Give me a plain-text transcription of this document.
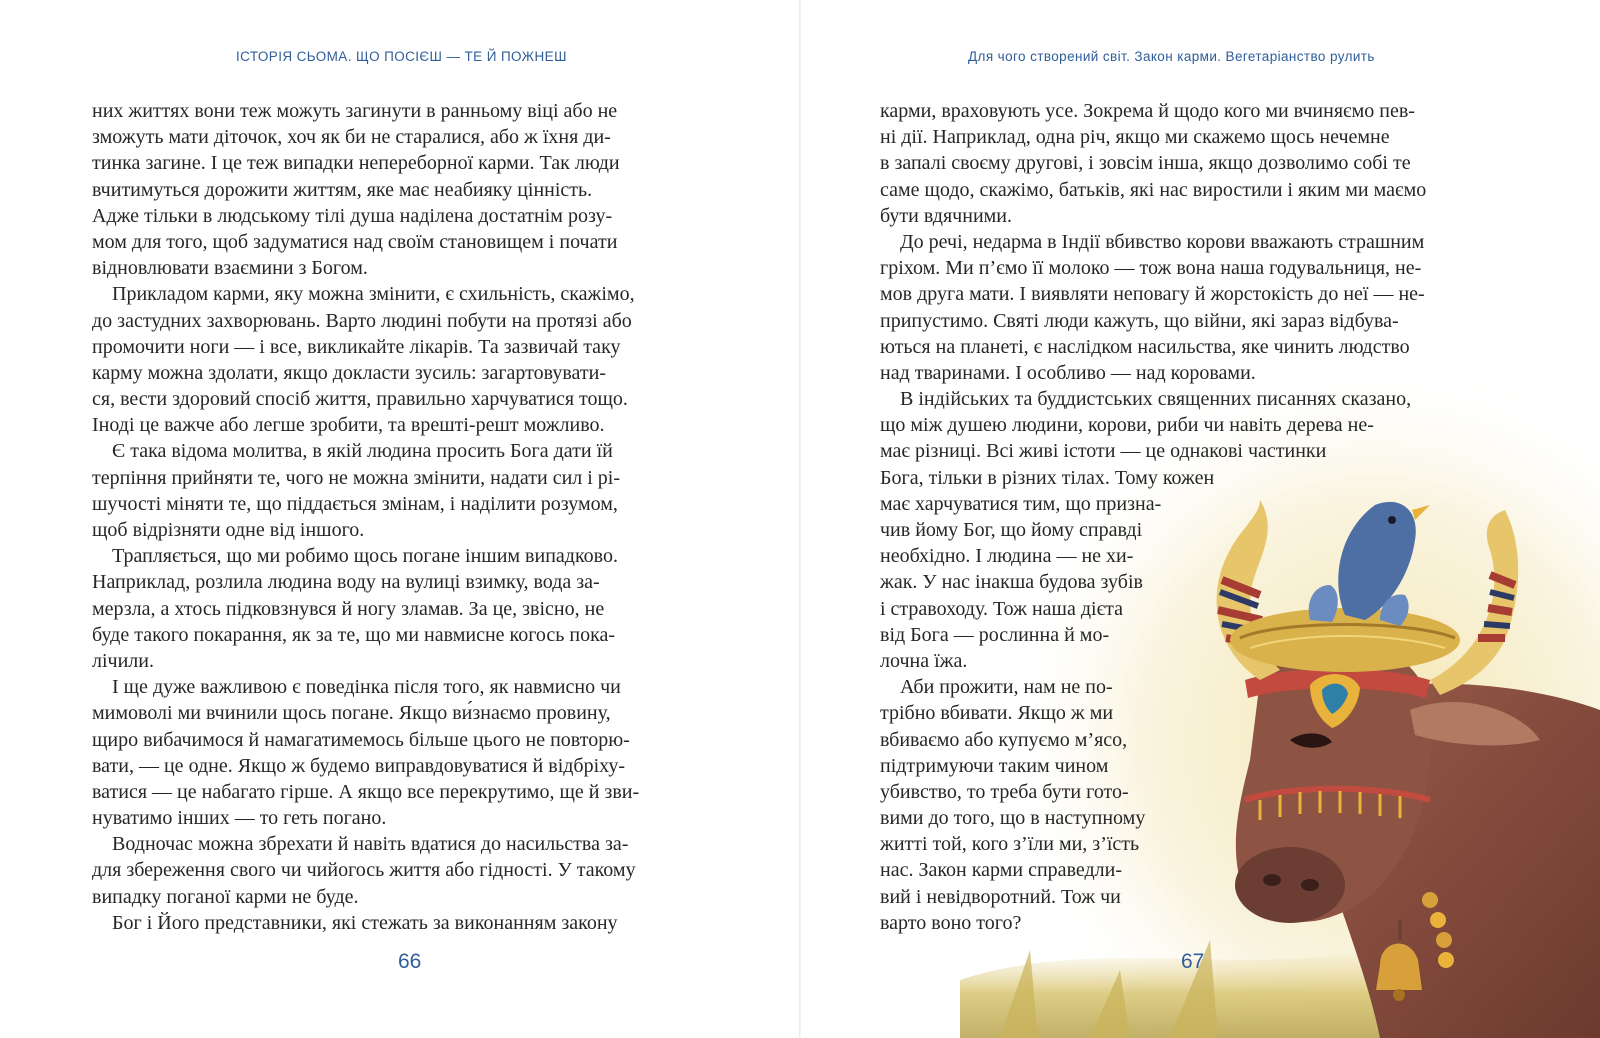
ІСТОРІЯ СЬОМА. ЩО ПОСІЄШ — ТЕ Й ПОЖНЕШ	Для чого створений світ. Закон карми. Вегетаріанство рулить
них життях вони теж можуть загинути в ранньому віці або не
зможуть мати діточок, хоч як би не старалися, або ж їхня ди-
тинка загине. І це теж випадки непереборної карми. Так люди
вчитимуться дорожити життям, яке має неабияку цінність.
Адже тільки в людському тілі душа наділена достатнім розу-
мом для того, щоб задуматися над своїм становищем і почати
відновлювати взаємини з Богом.
Прикладом карми, яку можна змінити, є схильність, скажімо,
до застудних захворювань. Варто людині побути на протязі або
промочити ноги — і все, викликайте лікарів. Та зазвичай таку
карму можна здолати, якщо докласти зусиль: загартовувати-
ся, вести здоровий спосіб життя, правильно харчуватися тощо.
Іноді це важче або легше зробити, та врешті-решт можливо.
Є така відома молитва, в якій людина просить Бога дати їй
терпіння прийняти те, чого не можна змінити, надати сил і рі-
шучості міняти те, що піддається змінам, і наділити розумом,
щоб відрізняти одне від іншого.
Трапляється, що ми робимо щось погане іншим випадково.
Наприклад, розлила людина воду на вулиці взимку, вода за-
мерзла, а хтось підковзнувся й ногу зламав. За це, звісно, не
буде такого покарання, як за те, що ми навмисне когось пока-
лічили.
І ще дуже важливою є поведінка після того, як навмисно чи
мимоволі ми вчинили щось погане. Якщо ви́знаємо провину,
щиро вибачимося й намагатимемось більше цього не повторю-
вати, — це одне. Якщо ж будемо виправдовуватися й відбріху-
ватися — це набагато гірше. А якщо все перекрутимо, ще й зви-
нуватимо інших — то геть погано.
Водночас можна збрехати й навіть вдатися до насильства за-
для збереження свого чи чийогось життя або гідності. У такому
випадку поганої карми не буде.
Бог і Його представники, які стежать за виконанням закону
карми, враховують усе. Зокрема й щодо кого ми вчиняємо пев-
ні дії. Наприклад, одна річ, якщо ми скажемо щось нечемне
в запалі своєму другові, і зовсім інша, якщо дозволимо собі те
саме щодо, скажімо, батьків, які нас виростили і яким ми маємо
бути вдячними.
До речі, недарма в Індії вбивство корови вважають страшним
гріхом. Ми п’ємо її молоко — тож вона наша годувальниця, не-
мов друга мати. І виявляти неповагу й жорстокість до неї — не-
припустимо. Святі люди кажуть, що війни, які зараз відбува-
ються на планеті, є наслідком насильства, яке чинить людство
над тваринами. І особливо — над коровами.
В індійських та буддистських священних писаннях сказано,
що між душею людини, корови, риби чи навіть дерева не-
має різниці. Всі живі істоти — це однакові частинки
Бога, тільки в різних тілах. Тому кожен
має харчуватися тим, що призна-
чив йому Бог, що йому справді
необхідно. І людина — не хи-
жак. У нас інакша будова зубів
і стравоходу. Тож наша дієта
від Бога — рослинна й мо-
лочна їжа.
Аби прожити, нам не по-
трібно вбивати. Якщо ж ми
вбиваємо або купуємо м’ясо,
підтримуючи таким чином
убивство, то треба бути гото-
вими до того, що в наступному
житті той, кого з’їли ми, з’їсть
нас. Закон карми справедли-
вий і невідворотний. Тож чи
варто воно того?
66	67
